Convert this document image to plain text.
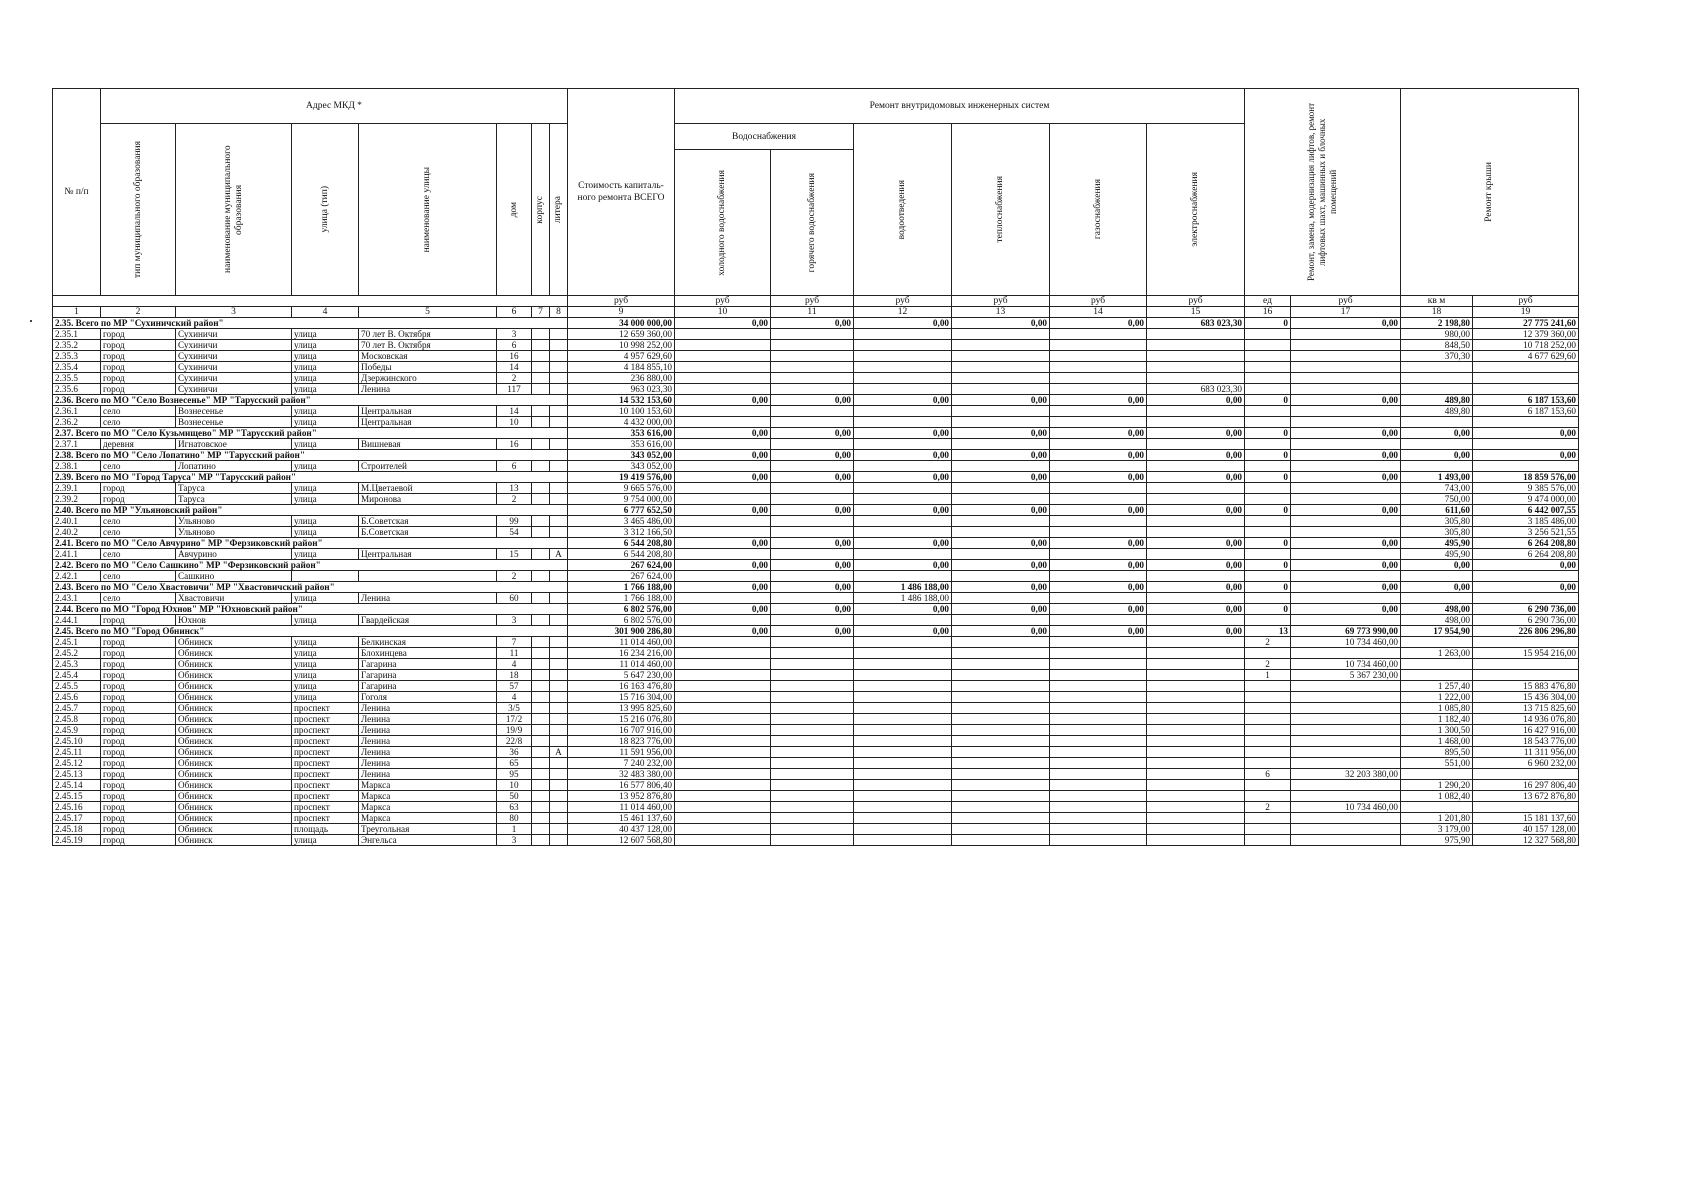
№ п/п	Адрес МКД *							Стоимость капиталь-ного ремонта ВСЕГО	Ремонт внутридомовых инженерных систем						Ремонт, замена, модернизация лифтов, ремонт лифтовых шахт, машинных и блочных помещений		Ремонт крыши	

	тип муниципального образования	наименование муниципального образования	улица (тип)	наименование улицы	дом	корпус	литера		Водоснабжения		водоотведения	теплоснабжения	газоснабжения	электроснабжения				

									холодного водоснабжения	горячего водоснабжения								

								руб	руб	руб	руб	руб	руб	руб	ед	руб	кв м	руб
1	2	3	4	5	6	7	8	9	10	11	12	13	14	15	16	17	18	19
2.35. Всего по МР "Сухиничский район"								34 000 000,00	0,00	0,00	0,00	0,00	0,00	683 023,30	0	0,00	2 198,80	27 775 241,60
2.35.1	город	Сухиничи	улица	70 лет В. Октября	3			12 659 360,00									980,00	12 379 360,00
2.35.2	город	Сухиничи	улица	70 лет В. Октября	6			10 998 252,00									848,50	10 718 252,00
2.35.3	город	Сухиничи	улица	Московская	16			4 957 629,60									370,30	4 677 629,60
2.35.4	город	Сухиничи	улица	Победы	14			4 184 855,10										
2.35.5	город	Сухиничи	улица	Дзержинского	2			236 880,00										
2.35.6	город	Сухиничи	улица	Ленина	117			963 023,30						683 023,30				
2.36. Всего по МО "Село Вознесенье" МР "Тарусский район"								14 532 153,60	0,00	0,00	0,00	0,00	0,00	0,00	0	0,00	489,80	6 187 153,60
2.36.1	село	Вознесенье	улица	Центральная	14			10 100 153,60									489,80	6 187 153,60
2.36.2	село	Вознесенье	улица	Центральная	10			4 432 000,00										
2.37. Всего по МО "Село Кузьмищево" МР "Тарусский район"								353 616,00	0,00	0,00	0,00	0,00	0,00	0,00	0	0,00	0,00	0,00
2.37.1	деревня	Игнатовское	улица	Вишневая	16			353 616,00										
2.38. Всего по МО "Село Лопатино" МР "Тарусский район"								343 052,00	0,00	0,00	0,00	0,00	0,00	0,00	0	0,00	0,00	0,00
2.38.1	село	Лопатино	улица	Строителей	6			343 052,00										
2.39. Всего по МО "Город Таруса" МР "Тарусский район"								19 419 576,00	0,00	0,00	0,00	0,00	0,00	0,00	0	0,00	1 493,00	18 859 576,00
2.39.1	город	Таруса	улица	М.Цветаевой	13			9 665 576,00									743,00	9 385 576,00
2.39.2	город	Таруса	улица	Миронова	2			9 754 000,00									750,00	9 474 000,00
2.40. Всего по МР "Ульяновский район"								6 777 652,50	0,00	0,00	0,00	0,00	0,00	0,00	0	0,00	611,60	6 442 007,55
2.40.1	село	Ульяново	улица	Б.Советская	99			3 465 486,00									305,80	3 185 486,00
2.40.2	село	Ульяново	улица	Б.Советская	54			3 312 166,50									305,80	3 256 521,55
2.41. Всего по МО "Село Авчурино" МР "Ферзиковский район"								6 544 208,80	0,00	0,00	0,00	0,00	0,00	0,00	0	0,00	495,90	6 264 208,80
2.41.1	село	Авчурино	улица	Центральная	15		А	6 544 208,80									495,90	6 264 208,80
2.42. Всего по МО "Село Сашкино" МР "Ферзиковский район"								267 624,00	0,00	0,00	0,00	0,00	0,00	0,00	0	0,00	0,00	0,00
2.42.1	село	Сашкино			2			267 624,00										
2.43. Всего по МО "Село Хвастовичи" МР "Хвастовичский район"								1 766 188,00	0,00	0,00	1 486 188,00	0,00	0,00	0,00	0	0,00	0,00	0,00
2.43.1	село	Хвастовичи	улица	Ленина	60			1 766 188,00			1 486 188,00							
2.44. Всего по МО "Город Юхнов" МР "Юхновский район"								6 802 576,00	0,00	0,00	0,00	0,00	0,00	0,00	0	0,00	498,00	6 290 736,00
2.44.1	город	Юхнов	улица	Гвардейская	3			6 802 576,00									498,00	6 290 736,00
2.45. Всего по МО "Город Обнинск"								301 900 286,80	0,00	0,00	0,00	0,00	0,00	0,00	13	69 773 990,00	17 954,90	226 806 296,80
2.45.1	город	Обнинск	улица	Белкинская	7			11 014 460,00							2	10 734 460,00		
2.45.2	город	Обнинск	улица	Блохинцева	11			16 234 216,00									1 263,00	15 954 216,00
2.45.3	город	Обнинск	улица	Гагарина	4			11 014 460,00							2	10 734 460,00		
2.45.4	город	Обнинск	улица	Гагарина	18			5 647 230,00							1	5 367 230,00		
2.45.5	город	Обнинск	улица	Гагарина	57			16 163 476,80									1 257,40	15 883 476,80
2.45.6	город	Обнинск	улица	Гоголя	4			15 716 304,00									1 222,00	15 436 304,00
2.45.7	город	Обнинск	проспект	Ленина	3/5			13 995 825,60									1 085,80	13 715 825,60
2.45.8	город	Обнинск	проспект	Ленина	17/2			15 216 076,80									1 182,40	14 936 076,80
2.45.9	город	Обнинск	проспект	Ленина	19/9			16 707 916,00									1 300,50	16 427 916,00
2.45.10	город	Обнинск	проспект	Ленина	22/8			18 823 776,00									1 468,00	18 543 776,00
2.45.11	город	Обнинск	проспект	Ленина	36		А	11 591 956,00									895,50	11 311 956,00
2.45.12	город	Обнинск	проспект	Ленина	65			7 240 232,00									551,00	6 960 232,00
2.45.13	город	Обнинск	проспект	Ленина	95			32 483 380,00							6	32 203 380,00		
2.45.14	город	Обнинск	проспект	Маркса	10			16 577 806,40									1 290,20	16 297 806,40
2.45.15	город	Обнинск	проспект	Маркса	50			13 952 876,80									1 082,40	13 672 876,80
2.45.16	город	Обнинск	проспект	Маркса	63			11 014 460,00							2	10 734 460,00		
2.45.17	город	Обнинск	проспект	Маркса	80			15 461 137,60									1 201,80	15 181 137,60
2.45.18	город	Обнинск	площадь	Треугольная	1			40 437 128,00									3 179,00	40 157 128,00
2.45.19	город	Обнинск	улица	Энгельса	3			12 607 568,80									975,90	12 327 568,80
